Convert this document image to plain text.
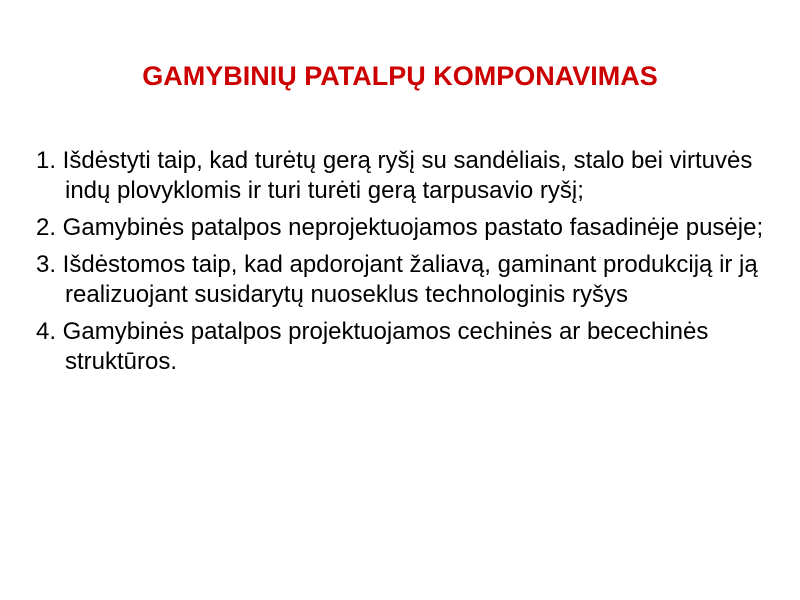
GAMYBINIŲ PATALPŲ KOMPONAVIMAS
1. Išdėstyti taip, kad turėtų gerą ryšį su sandėliais, stalo bei virtuvės indų plovyklomis ir turi turėti gerą tarpusavio ryšį;
2. Gamybinės patalpos neprojektuojamos pastato fasadinėje pusėje;
3. Išdėstomos taip, kad apdorojant žaliavą, gaminant produkciją ir ją realizuojant susidarytų nuoseklus technologinis ryšys
4. Gamybinės patalpos projektuojamos cechinės ar becechinės struktūros.
